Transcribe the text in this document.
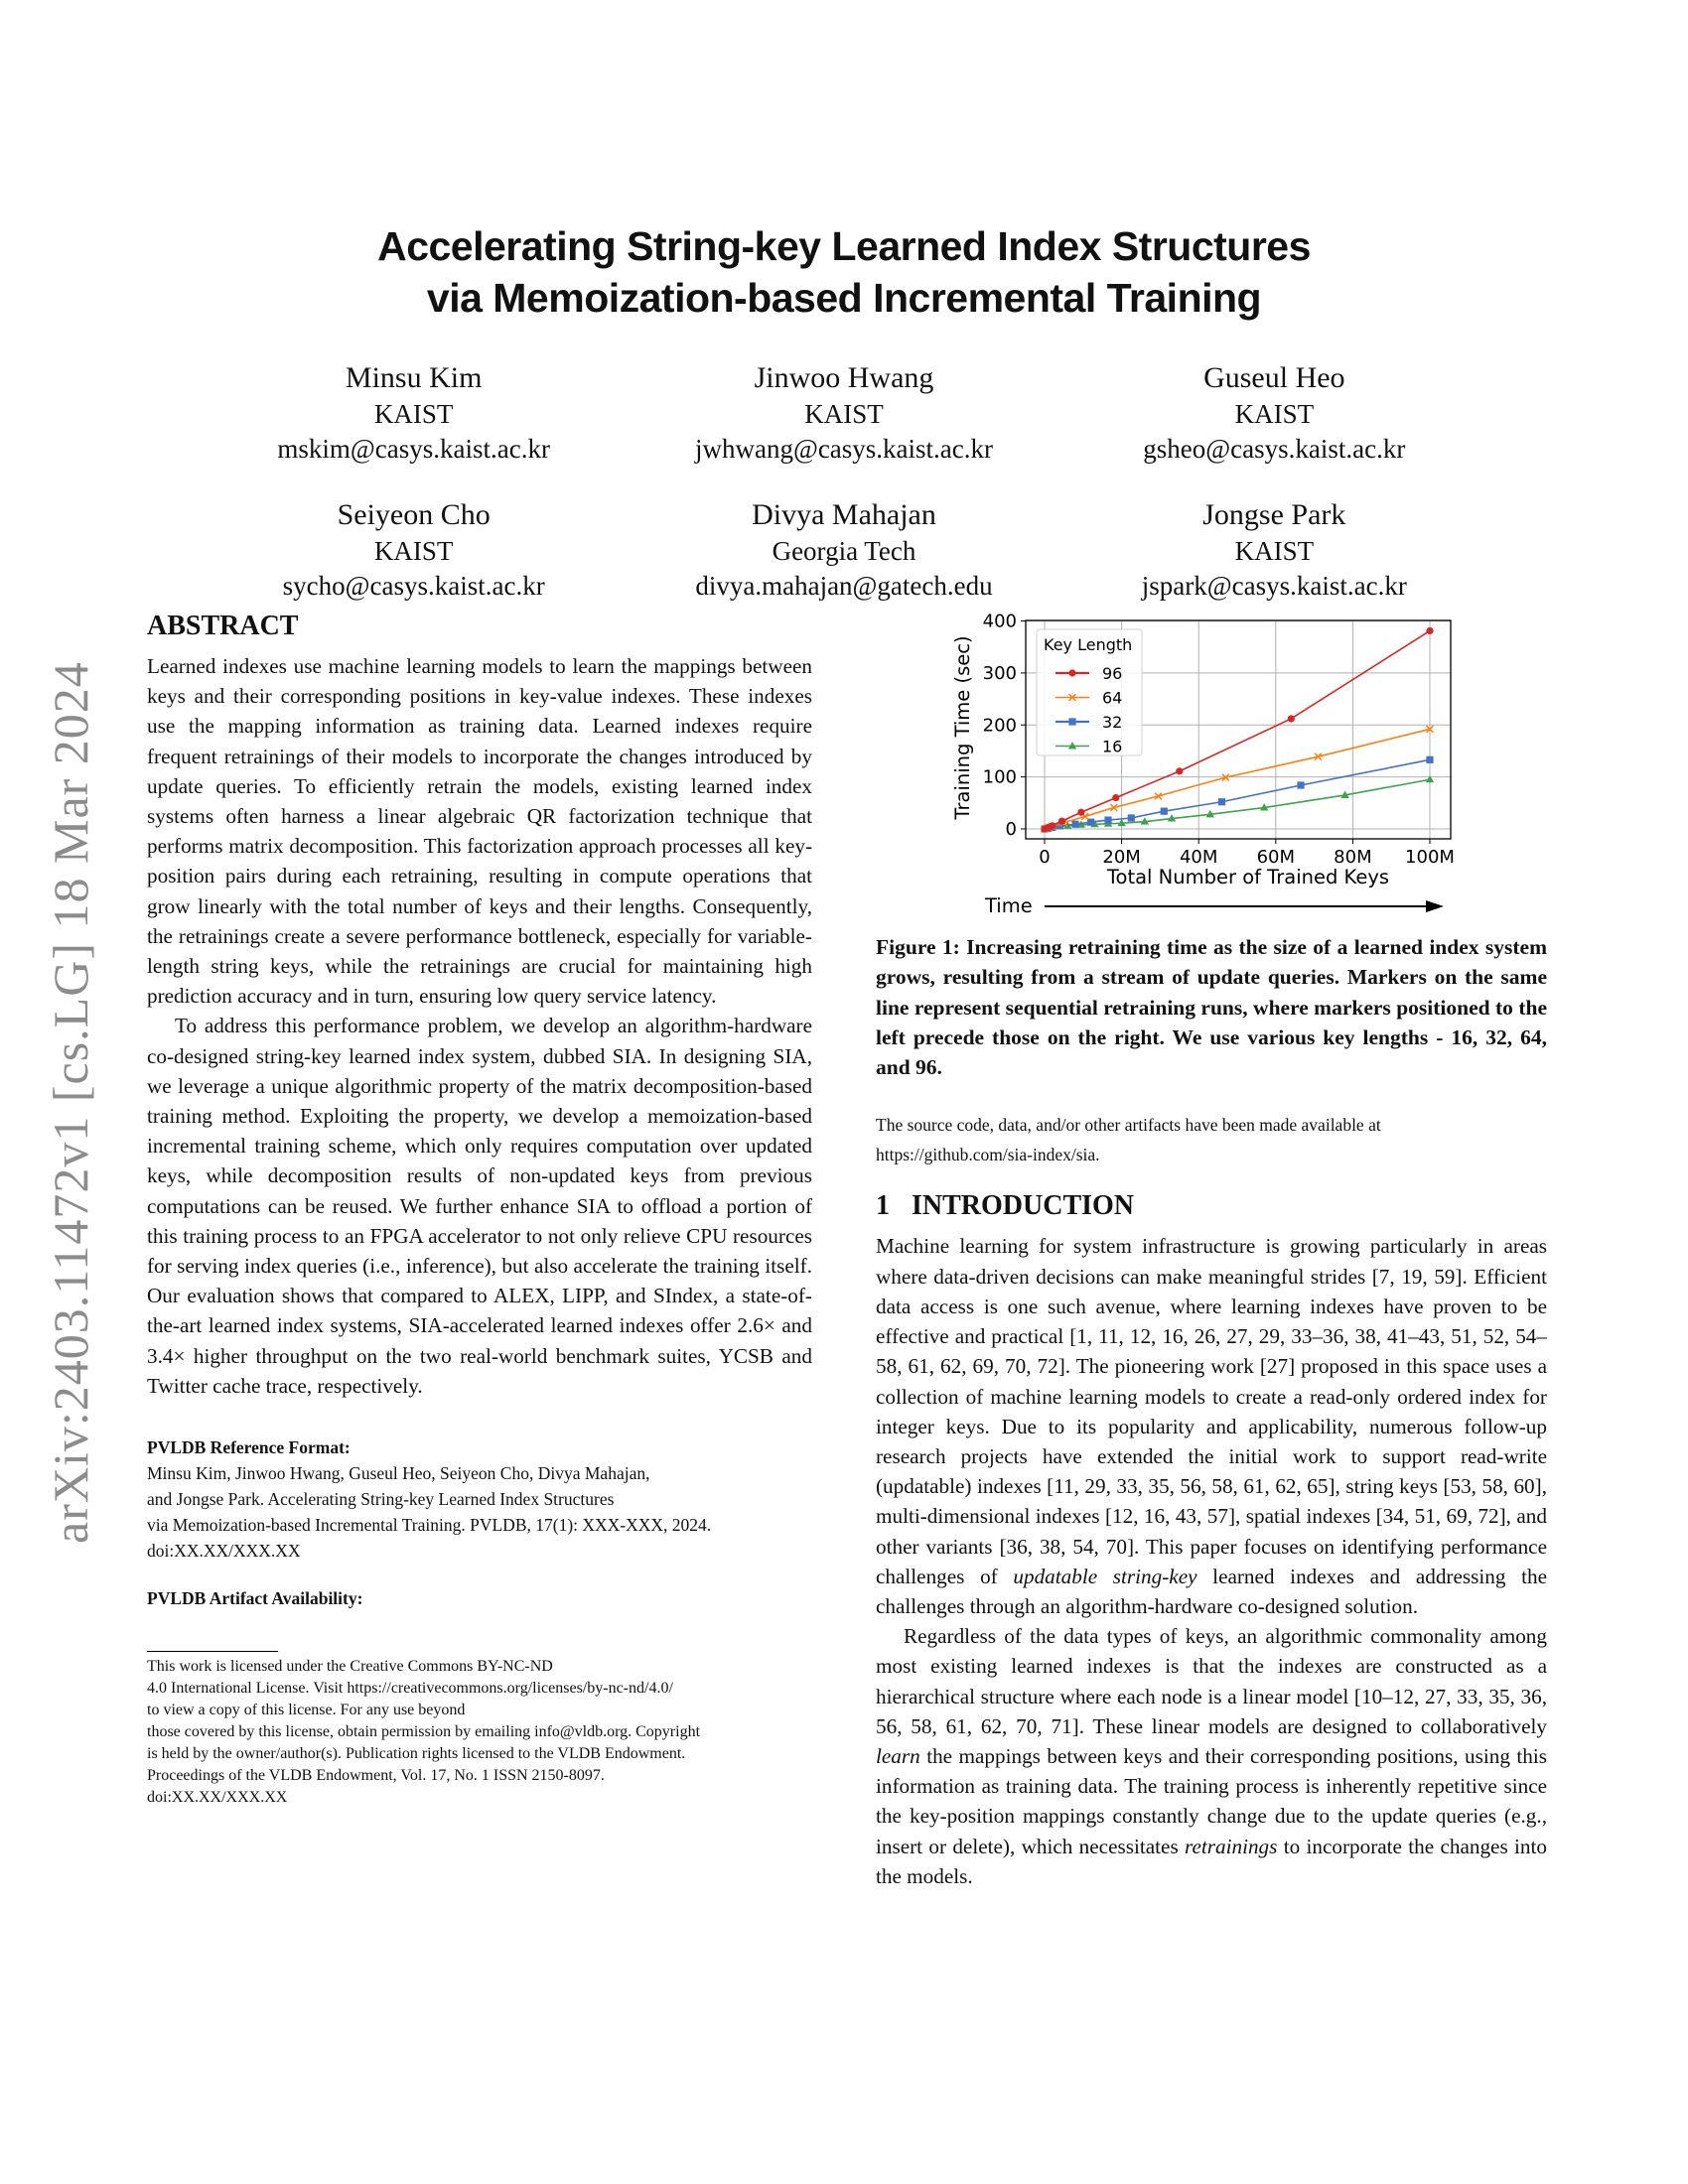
arXiv:2403.11472v1 [cs.LG] 18 Mar 2024
Accelerating String-key Learned Index Structures
via Memoization-based Incremental Training
Minsu Kim
KAIST
mskim@casys.kaist.ac.kr
Jinwoo Hwang
KAIST
jwhwang@casys.kaist.ac.kr
Guseul Heo
KAIST
gsheo@casys.kaist.ac.kr
Seiyeon Cho
KAIST
sycho@casys.kaist.ac.kr
Divya Mahajan
Georgia Tech
divya.mahajan@gatech.edu
Jongse Park
KAIST
jspark@casys.kaist.ac.kr
ABSTRACT

Learned indexes use machine learning models to learn the mappings between keys and their corresponding positions in key-value indexes. These indexes use the mapping information as training data. Learned indexes require frequent retrainings of their models to incorporate the changes introduced by update queries. To efficiently retrain the models, existing learned index systems often harness a linear algebraic QR factorization technique that performs matrix decomposition. This factorization approach processes all key-position pairs during each retraining, resulting in compute operations that grow linearly with the total number of keys and their lengths. Consequently, the retrainings create a severe performance bottleneck, especially for variable-length string keys, while the retrainings are crucial for maintaining high prediction accuracy and in turn, ensuring low query service latency.

To address this performance problem, we develop an algorithm-hardware co-designed string-key learned index system, dubbed SIA. In designing SIA, we leverage a unique algorithmic property of the matrix decomposition-based training method. Exploiting the property, we develop a memoization-based incremental training scheme, which only requires computation over updated keys, while decomposition results of non-updated keys from previous computations can be reused. We further enhance SIA to offload a portion of this training process to an FPGA accelerator to not only relieve CPU resources for serving index queries (i.e., inference), but also accelerate the training itself. Our evaluation shows that compared to ALEX, LIPP, and SIndex, a state-of-the-art learned index systems, SIA-accelerated learned indexes offer 2.6× and 3.4× higher throughput on the two real-world benchmark suites, YCSB and Twitter cache trace, respectively.

PVLDB Reference Format:

Minsu Kim, Jinwoo Hwang, Guseul Heo, Seiyeon Cho, Divya Mahajan,

and Jongse Park. Accelerating String-key Learned Index Structures

via Memoization-based Incremental Training. PVLDB, 17(1): XXX-XXX, 2024.

doi:XX.XX/XXX.XX

PVLDB Artifact Availability:

This work is licensed under the Creative Commons BY-NC-ND
4.0 International License. Visit https://creativecommons.org/licenses/by-nc-nd/4.0/
to view a copy of this license. For any use beyond
those covered by this license, obtain permission by emailing info@vldb.org. Copyright
is held by the owner/author(s). Publication rights licensed to the VLDB Endowment.
Proceedings of the VLDB Endowment, Vol. 17, No. 1 ISSN 2150-8097.
doi:XX.XX/XXX.XX
0	20M 40M 60M 80M 100M
0
100
200
300
400
Total Number of Trained Keys
Training Time (sec)
Time
Key Length
96
64
32
16

Figure 1: Increasing retraining time as the size of a learned index system grows, resulting from a stream of update queries. Markers on the same line represent sequential retraining runs, where markers positioned to the left precede those on the right. We use various key lengths - 16, 32, 64, and 96.

The source code, data, and/or other artifacts have been made available at

https://github.com/sia-index/sia.

1 INTRODUCTION

Machine learning for system infrastructure is growing particularly in areas where data-driven decisions can make meaningful strides [7, 19, 59]. Efficient data access is one such avenue, where learning indexes have proven to be effective and practical [1, 11, 12, 16, 26, 27, 29, 33–36, 38, 41–43, 51, 52, 54–58, 61, 62, 69, 70, 72]. The pioneering work [27] proposed in this space uses a collection of machine learning models to create a read-only ordered index for integer keys. Due to its popularity and applicability, numerous follow-up research projects have extended the initial work to support read-write (updatable) indexes [11, 29, 33, 35, 56, 58, 61, 62, 65], string keys [53, 58, 60], multi-dimensional indexes [12, 16, 43, 57], spatial indexes [34, 51, 69, 72], and other variants [36, 38, 54, 70]. This paper focuses on identifying performance challenges of updatable string-key learned indexes and addressing the challenges through an algorithm-hardware co-designed solution.

Regardless of the data types of keys, an algorithmic commonality among most existing learned indexes is that the indexes are constructed as a hierarchical structure where each node is a linear model [10–12, 27, 33, 35, 36, 56, 58, 61, 62, 70, 71]. These linear models are designed to collaboratively learn the mappings between keys and their corresponding positions, using this information as training data. The training process is inherently repetitive since the key-position mappings constantly change due to the update queries (e.g., insert or delete), which necessitates retrainings to incorporate the changes into the models.
